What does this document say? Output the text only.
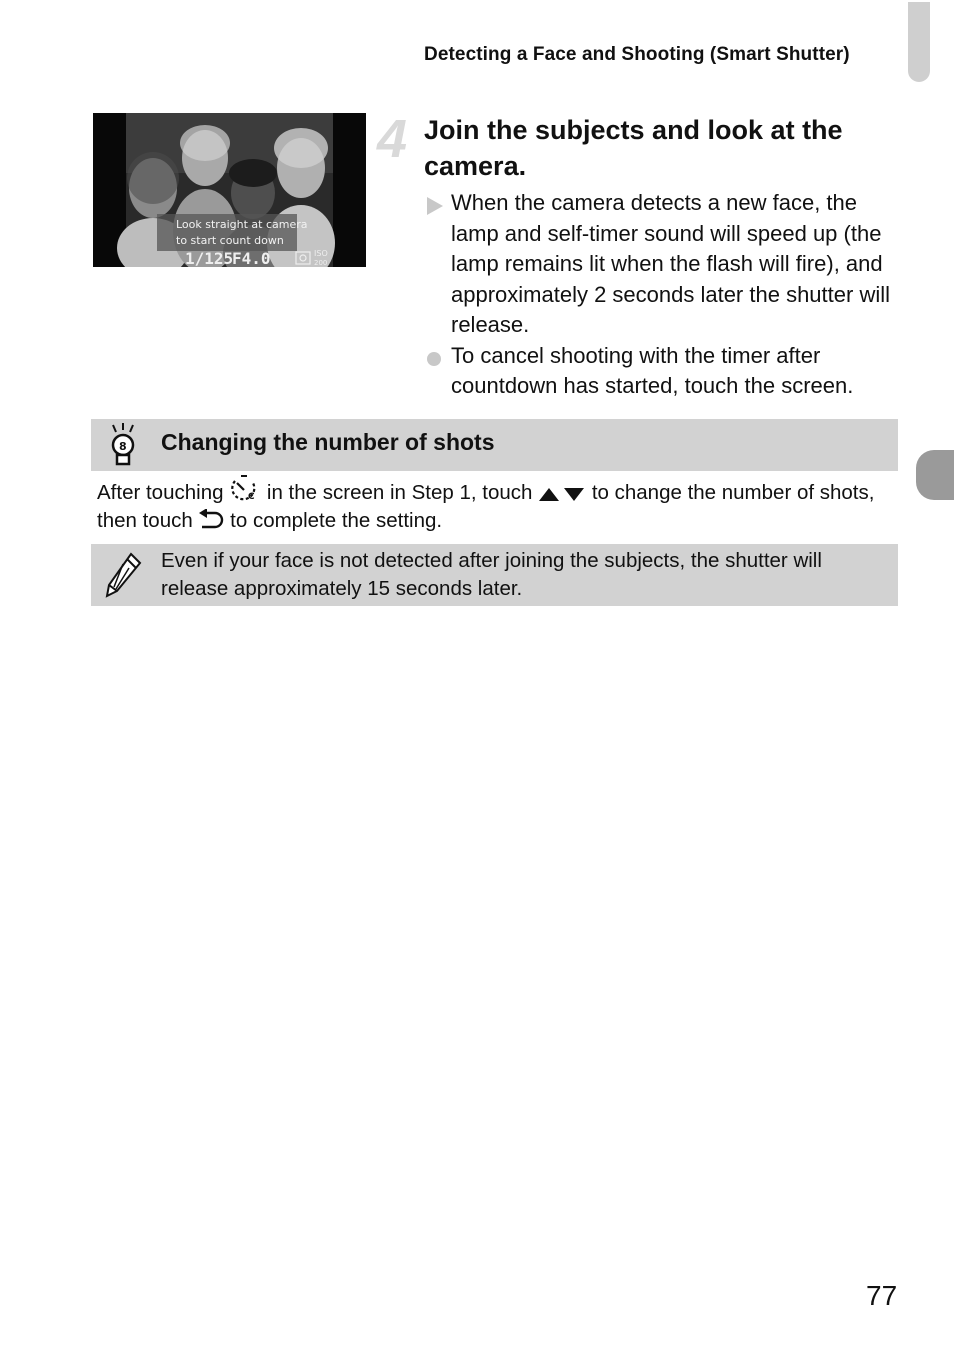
Detecting a Face and Shooting (Smart Shutter)
Look straight at camera
to start count down
1/125
F4.0	ISO
200
4 Join the subjects and look at the camera.
When the camera detects a new face, the lamp and self-timer sound will speed up (the lamp remains lit when the flash will fire), and approximately 2 seconds later the shutter will release.
To cancel shooting with the timer after countdown has started, touch the screen.
8 Changing the number of shots
After touching C in the screen in Step 1, touch  to change the number of shots, then touch  to complete the setting.
Even if your face is not detected after joining the subjects, the shutter will release approximately 15 seconds later.
77
